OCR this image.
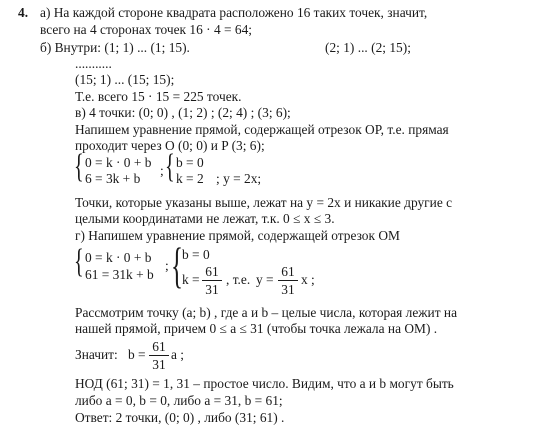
4. а) На каждой стороне квадрата расположено 16 таких точек, значит,
всего на 4 сторонах точек 16 · 4 = 64;
б) Внутри: (1; 1) ... (1; 15).	(2; 1) ... (2; 15);
...........
(15; 1) ... (15; 15);
Т.е. всего 15 · 15 = 225 точек.
в) 4 точки: (0; 0) , (1; 2) ; (2; 4) ; (3; 6);
Напишем уравнение прямой, содержащей отрезок OP, т.е. прямая
проходит через O (0; 0) и P (3; 6);
{ 0 = k · 0 + b
6 = 3k + b
; { b = 0
k = 2 ; y = 2x;
Точки, которые указаны выше, лежат на y = 2x и никакие другие с
целыми координатами не лежат, т.к. 0 ≤ x ≤ 3.
г) Напишем уравнение прямой, содержащей отрезок OM
{ 0 = k · 0 + b
61 = 31k + b
; { b = 0
k =
61
31
, т.е. y =
61
31
x ;
Рассмотрим точку (a; b) , где a и b – целые числа, которая лежит на
нашей прямой, причем 0 ≤ a ≤ 31 (чтобы точка лежала на OM) .
Значит: b =
61
31
a ;
НОД (61; 31) = 1, 31 – простое число. Видим, что a и b могут быть
либо a = 0, b = 0, либо a = 31, b = 61;
Ответ: 2 точки, (0; 0) , либо (31; 61) .
